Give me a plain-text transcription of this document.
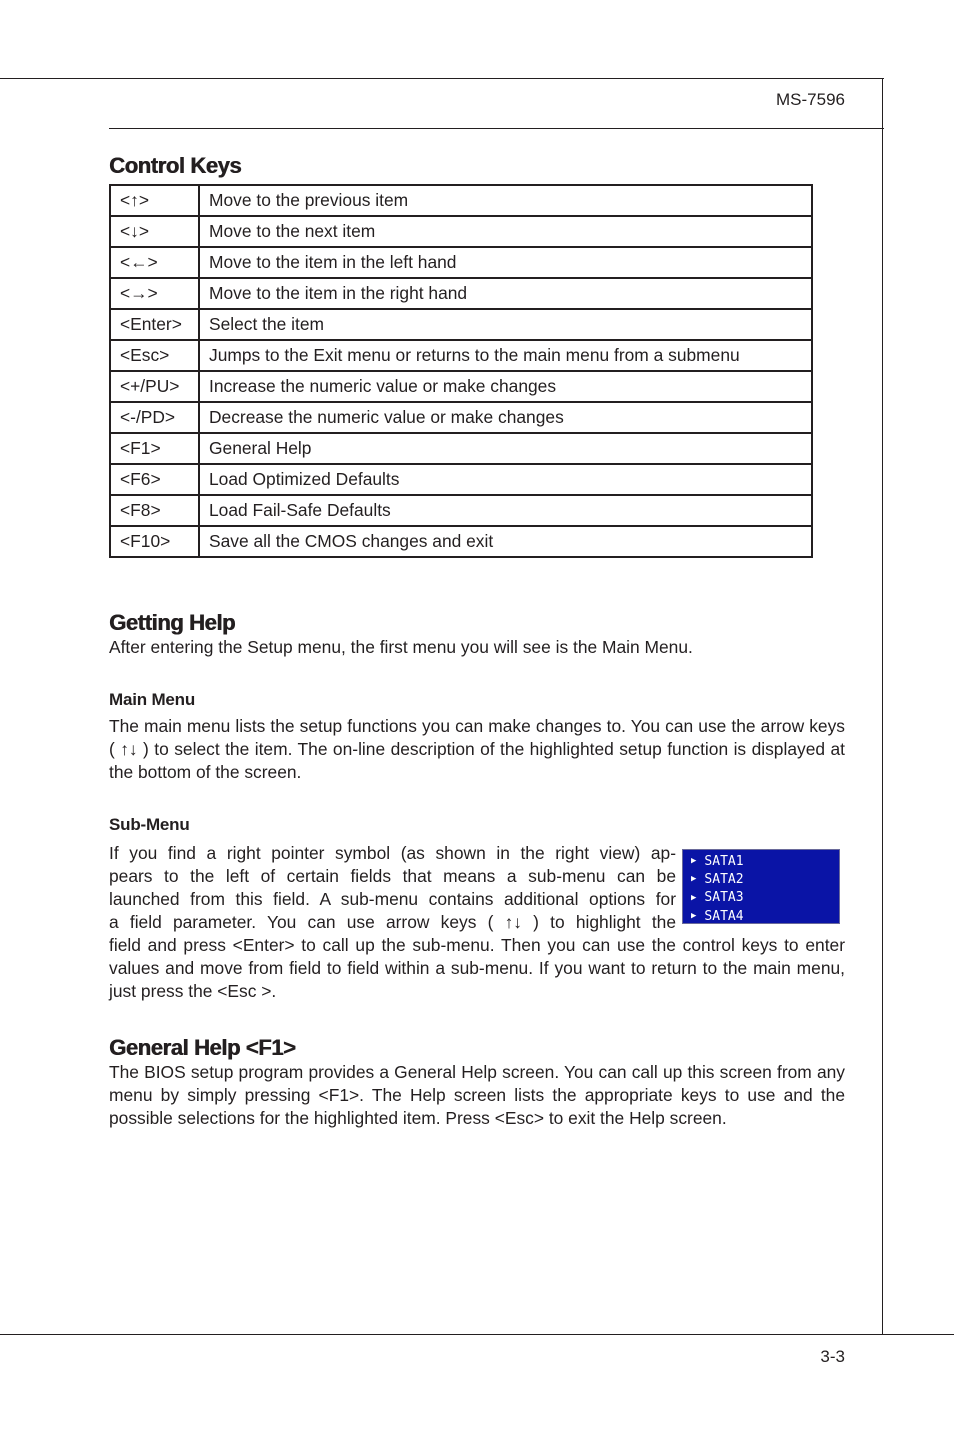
MS-7596
Control Keys
<↑>	Move to the previous item
<↓>	Move to the next item
<←>	Move to the item in the left hand
<→>	Move to the item in the right hand
<Enter>	Select the item
<Esc>	Jumps to the Exit menu or returns to the main menu from a submenu
<+/PU>	Increase the numeric value or make changes
<-/PD>	Decrease the numeric value or make changes
<F1>	General Help
<F6>	Load Optimized Defaults
<F8>	Load Fail-Safe Defaults
<F10>	Save all the CMOS changes and exit
Getting Help

After entering the Setup menu, the first menu you will see is the Main Menu.

Main Menu

The main menu lists the setup functions you can make changes to. You can use the arrow keys ( ↑↓ ) to select the item. The on-line description of the highlighted setup function is displayed at the bottom of the screen.

Sub-Menu

If you find a right pointer symbol (as shown in the right view) ap-

pears to the left of certain fields that means a sub-menu can be

launched from this field. A sub-menu contains additional options for

a field parameter. You can use arrow keys ( ↑↓ ) to highlight the

field and press <Enter> to call up the sub-menu. Then you can use the control keys to enter values and move from field to field within a sub-menu. If you want to return to the main menu, just press the <Esc >.

▶ SATA1
▶ SATA2
▶ SATA3
▶ SATA4
General Help <F1>

The BIOS setup program provides a General Help screen. You can call up this screen from any menu by simply pressing <F1>. The Help screen lists the appropriate keys to use and the possible selections for the highlighted item. Press <Esc> to exit the Help screen.

3-3
